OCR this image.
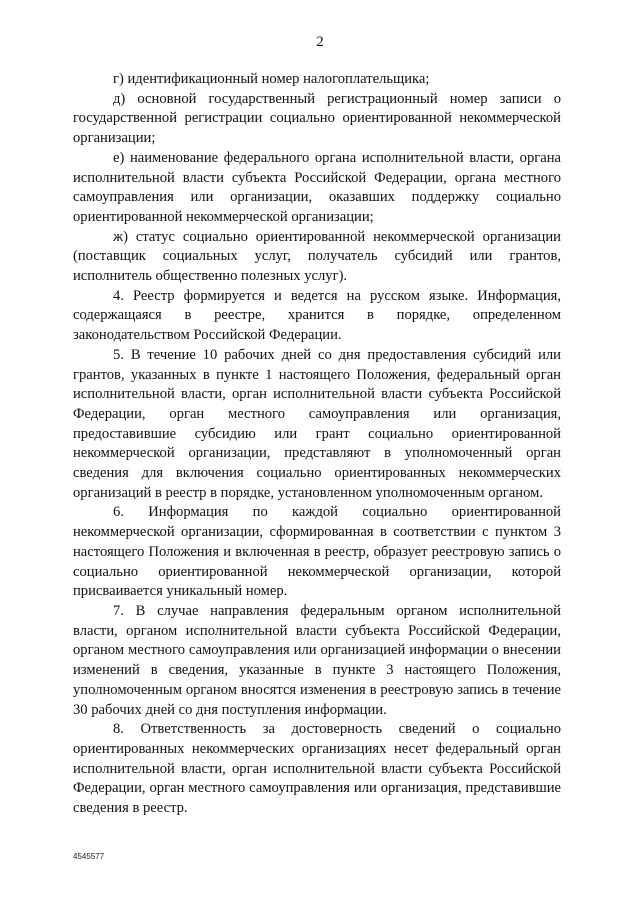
2

г) идентификационный номер налогоплательщика;

д) основной государственный регистрационный номер записи о государственной регистрации социально ориентированной некоммерческой организации;

е) наименование федерального органа исполнительной власти, органа исполнительной власти субъекта Российской Федерации, органа местного самоуправления или организации, оказавших поддержку социально ориентированной некоммерческой организации;

ж) статус социально ориентированной некоммерческой организации (поставщик социальных услуг, получатель субсидий или грантов, исполнитель общественно полезных услуг).

4. Реестр формируется и ведется на русском языке. Информация, содержащаяся в реестре, хранится в порядке, определенном законодательством Российской Федерации.

5. В течение 10 рабочих дней со дня предоставления субсидий или грантов, указанных в пункте 1 настоящего Положения, федеральный орган исполнительной власти, орган исполнительной власти субъекта Российской Федерации, орган местного самоуправления или организация, предоставившие субсидию или грант социально ориентированной некоммерческой организации, представляют в уполномоченный орган сведения для включения социально ориентированных некоммерческих организаций в реестр в порядке, установленном уполномоченным органом.

6. Информация по каждой социально ориентированной некоммерческой организации, сформированная в соответствии с пунктом 3 настоящего Положения и включенная в реестр, образует реестровую запись о социально ориентированной некоммерческой организации, которой присваивается уникальный номер.

7. В случае направления федеральным органом исполнительной власти, органом исполнительной власти субъекта Российской Федерации, органом местного самоуправления или организацией информации о внесении изменений в сведения, указанные в пункте 3 настоящего Положения, уполномоченным органом вносятся изменения в реестровую запись в течение 30 рабочих дней со дня поступления информации.

8. Ответственность за достоверность сведений о социально ориентированных некоммерческих организациях несет федеральный орган исполнительной власти, орган исполнительной власти субъекта Российской Федерации, орган местного самоуправления или организация, представившие сведения в реестр.

4545577
